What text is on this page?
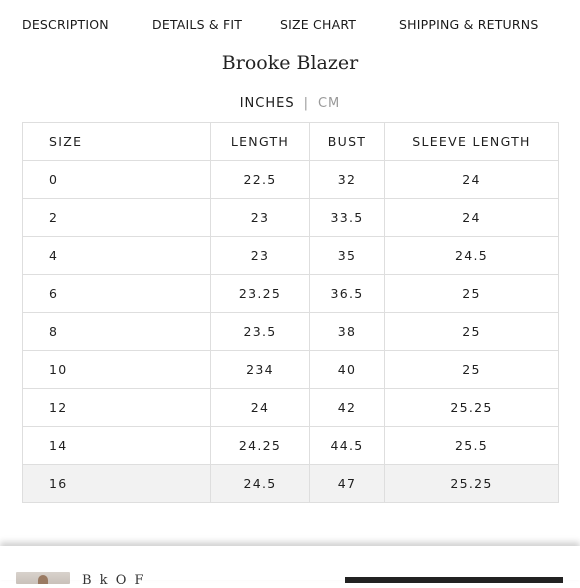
DESCRIPTION	DETAILS & FIT	SIZE CHART	SHIPPING & RETURNS
Brooke Blazer
INCHES | CM
SIZE	LENGTH	BUST	SLEEVE LENGTH
0	22.5	32	24
2	23	33.5	24
4	23	35	24.5
6	23.25	36.5	25
8	23.5	38	25
10	234	40	25
12	24	42	25.25
14	24.25	44.5	25.5
16	24.5	47	25.25
B k O F
